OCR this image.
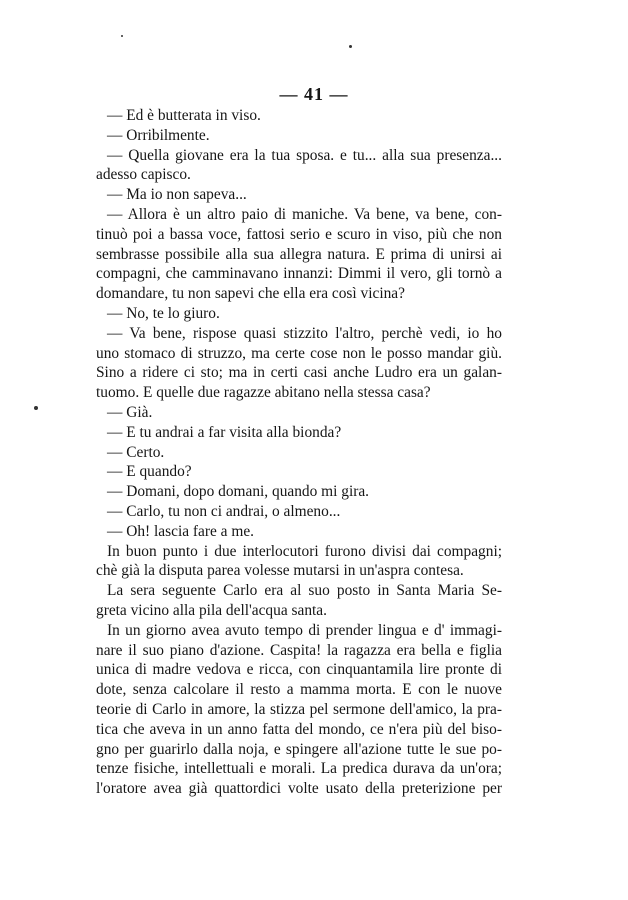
— 41 —
— Ed è butterata in viso.
— Orribilmente.
— Quella giovane era la tua sposa. e tu... alla sua presenza...
adesso capisco.
— Ma io non sapeva...
— Allora è un altro paio di maniche. Va bene, va bene, con-
tinuò poi a bassa voce, fattosi serio e scuro in viso, più che non
sembrasse possibile alla sua allegra natura. E prima di unirsi ai
compagni, che camminavano innanzi: Dimmi il vero, gli tornò a
domandare, tu non sapevi che ella era così vicina?
— No, te lo giuro.
— Va bene, rispose quasi stizzito l'altro, perchè vedi, io ho
uno stomaco di struzzo, ma certe cose non le posso mandar giù.
Sino a ridere ci sto; ma in certi casi anche Ludro era un galan-
tuomo. E quelle due ragazze abitano nella stessa casa?
— Già.
— E tu andrai a far visita alla bionda?
— Certo.
— E quando?
— Domani, dopo domani, quando mi gira.
— Carlo, tu non ci andrai, o almeno...
— Oh! lascia fare a me.
In buon punto i due interlocutori furono divisi dai compagni;
chè già la disputa parea volesse mutarsi in un'aspra contesa.
La sera seguente Carlo era al suo posto in Santa Maria Se-
greta vicino alla pila dell'acqua santa.
In un giorno avea avuto tempo di prender lingua e d' immagi-
nare il suo piano d'azione. Caspita! la ragazza era bella e figlia
unica di madre vedova e ricca, con cinquantamila lire pronte di
dote, senza calcolare il resto a mamma morta. E con le nuove
teorie di Carlo in amore, la stizza pel sermone dell'amico, la pra-
tica che aveva in un anno fatta del mondo, ce n'era più del biso-
gno per guarirlo dalla noja, e spingere all'azione tutte le sue po-
tenze fisiche, intellettuali e morali. La predica durava da un'ora;
l'oratore avea già quattordici volte usato della preterizione per
